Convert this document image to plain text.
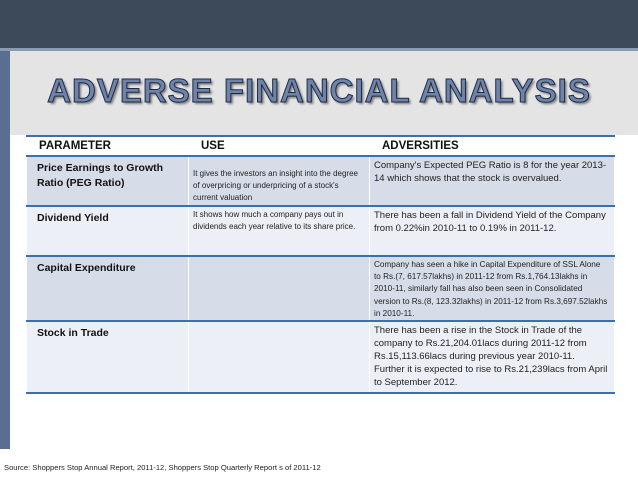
ADVERSE FINANCIAL ANALYSIS
PARAMETER	USE	ADVERSITIES
Price Earnings to Growth Ratio (PEG Ratio)	It gives the investors an insight into the degree of overpricing or underpricing of a stock's current valuation	Company's Expected PEG Ratio is 8 for the year 2013-14 which shows that the stock is overvalued.
Dividend Yield	It shows how much a company pays out in dividends each year relative to its share price.	There has been a fall in Dividend Yield of the Company from 0.22%in 2010-11 to 0.19% in 2011-12.
Capital Expenditure		Company has seen a hike in Capital Expenditure of SSL Alone to Rs.(7, 617.57lakhs) in 2011-12 from Rs.1,764.13lakhs in 2010-11, similarly fall has also been seen in Consolidated version to Rs.(8, 123.32lakhs) in 2011-12 from Rs.3,697.52lakhs in 2010-11.
Stock in Trade		There has been a rise in the Stock in Trade of the company to Rs.21,204.01lacs during 2011-12 from Rs.15,113.66lacs during previous year 2010-11. Further it is expected to rise to Rs.21,239lacs from April to September 2012.
Source: Shoppers Stop Annual Report, 2011-12, Shoppers Stop Quarterly Report s of 2011-12
